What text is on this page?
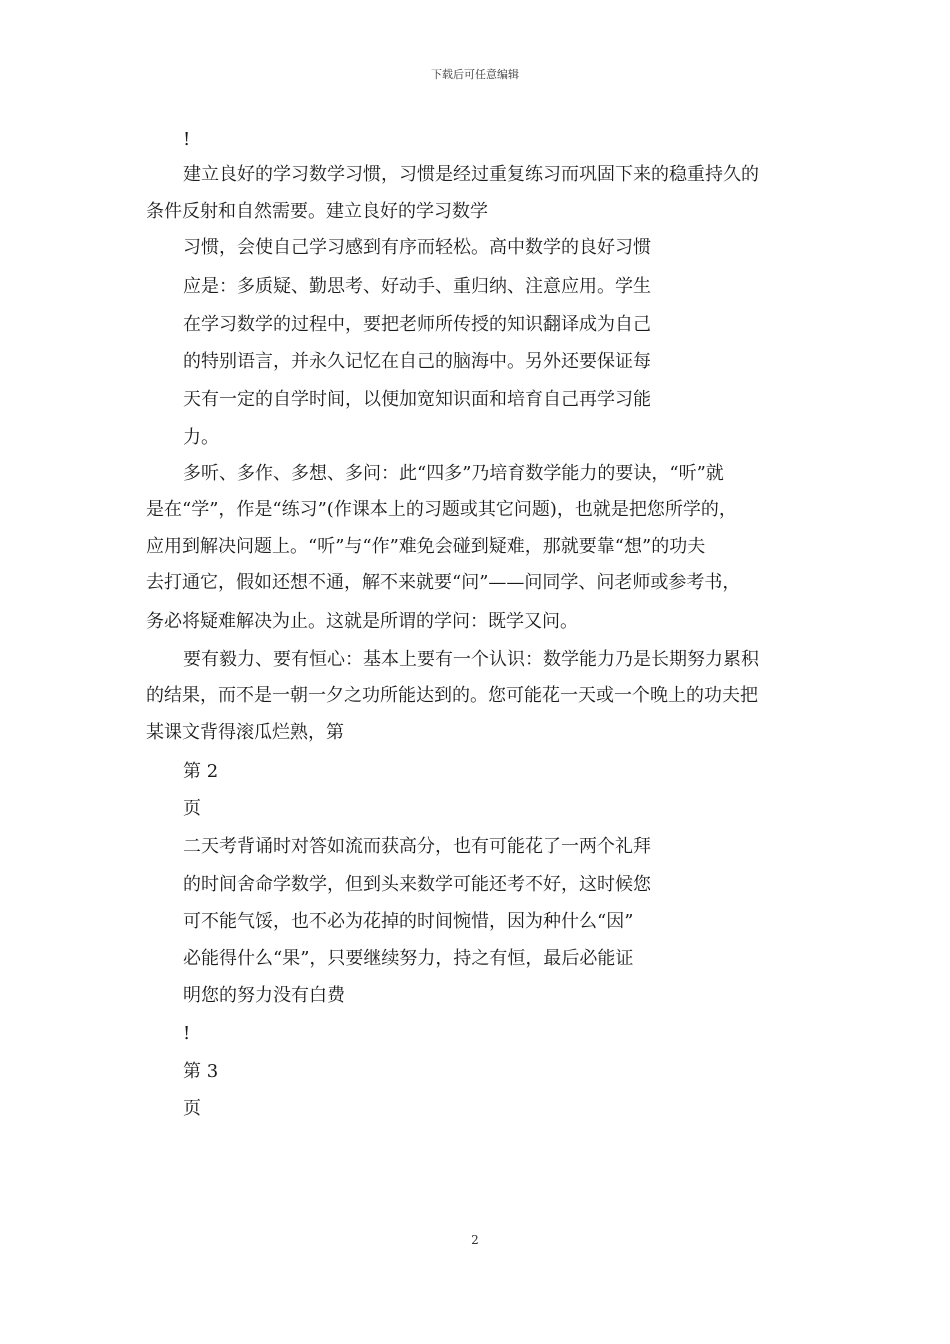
下载后可任意编辑
!
建立良好的学习数学习惯，习惯是经过重复练习而巩固下来的稳重持久的
条件反射和自然需要。建立良好的学习数学
习惯，会使自己学习感到有序而轻松。高中数学的良好习惯
应是：多质疑、勤思考、好动手、重归纳、注意应用。学生
在学习数学的过程中，要把老师所传授的知识翻译成为自己
的特别语言，并永久记忆在自己的脑海中。另外还要保证每
天有一定的自学时间，以便加宽知识面和培育自己再学习能
力。
多听、多作、多想、多问：此“四多”乃培育数学能力的要诀，“听”就
是在“学”，作是“练习”(作课本上的习题或其它问题)，也就是把您所学的，
应用到解决问题上。“听”与“作”难免会碰到疑难，那就要靠“想”的功夫
去打通它，假如还想不通，解不来就要“问”——问同学、问老师或参考书，
务必将疑难解决为止。这就是所谓的学问：既学又问。
要有毅力、要有恒心：基本上要有一个认识：数学能力乃是长期努力累积
的结果，而不是一朝一夕之功所能达到的。您可能花一天或一个晚上的功夫把
某课文背得滚瓜烂熟，第
第 2
页
二天考背诵时对答如流而获高分，也有可能花了一两个礼拜
的时间舍命学数学，但到头来数学可能还考不好，这时候您
可不能气馁，也不必为花掉的时间惋惜，因为种什么“因”
必能得什么“果”，只要继续努力，持之有恒，最后必能证
明您的努力没有白费
!
第 3
页
2
